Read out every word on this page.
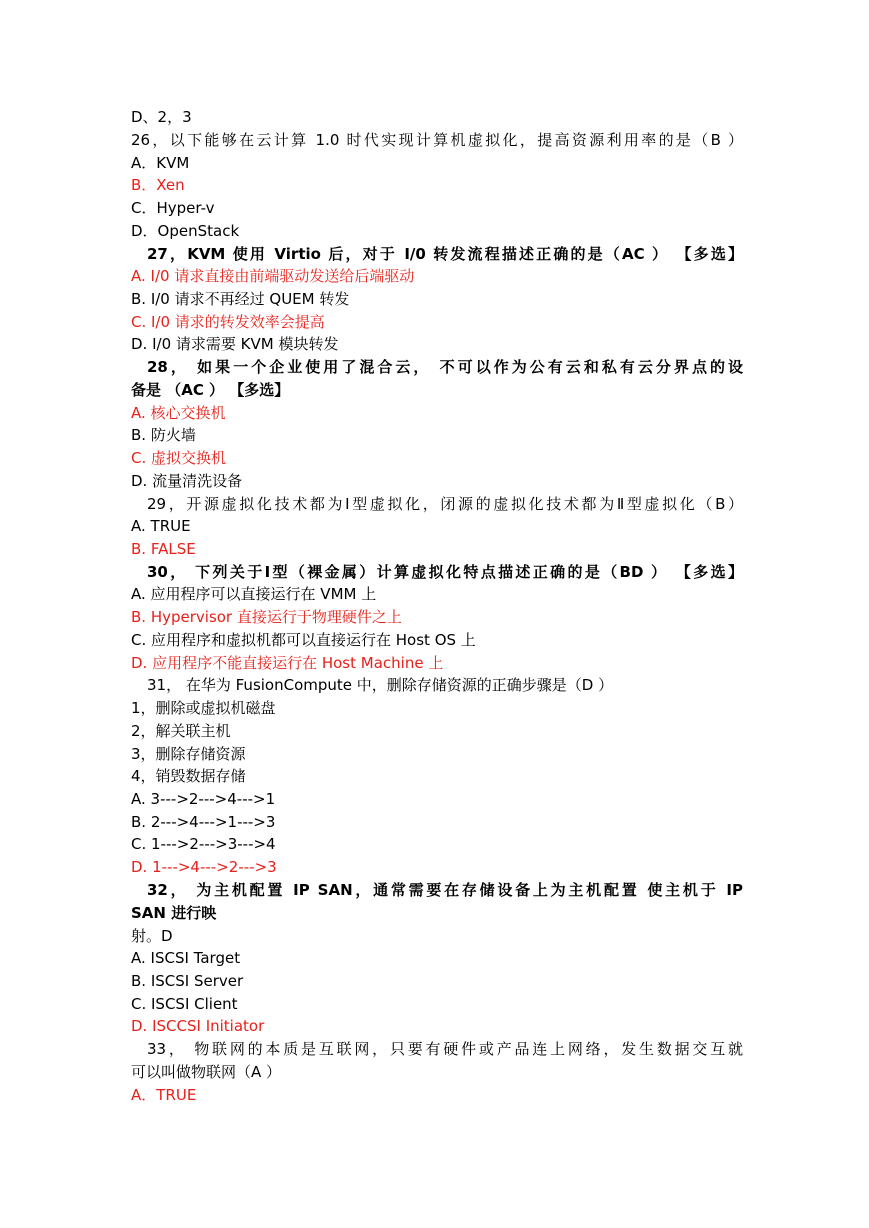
D、2，3
26，以下能够在云计算 1.0 时代实现计算机虚拟化，提高资源利用率的是（B ）
A．KVM
B．Xen
C．Hyper-v
D．OpenStack
27，KVM 使用 Virtio 后，对于 I/0 转发流程描述正确的是（AC ） 【多选】
A. I/0 请求直接由前端驱动发送给后端驱动
B. I/0 请求不再经过 QUEM 转发
C. I/0 请求的转发效率会提高
D. I/0 请求需要 KVM 模块转发
28， 如果一个企业使用了混合云， 不可以作为公有云和私有云分界点的设
备是 （AC ） 【多选】
A. 核心交换机
B. 防火墙
C. 虚拟交换机
D. 流量清洗设备
29，开源虚拟化技术都为Ⅰ型虚拟化，闭源的虚拟化技术都为Ⅱ型虚拟化（B）
A. TRUE
B. FALSE
30， 下列关于Ⅰ型（裸金属）计算虚拟化特点描述正确的是（BD ） 【多选】
A. 应用程序可以直接运行在 VMM 上
B. Hypervisor 直接运行于物理硬件之上
C. 应用程序和虚拟机都可以直接运行在 Host OS 上
D. 应用程序不能直接运行在 Host Machine 上
31， 在华为 FusionCompute 中，删除存储资源的正确步骤是（D ）
1，删除或虚拟机磁盘
2，解关联主机
3，删除存储资源
4，销毁数据存储
A. 3--->2--->4--->1
B. 2--->4--->1--->3
C. 1--->2--->3--->4
D. 1--->4--->2--->3
32， 为主机配置 IP SAN，通常需要在存储设备上为主机配置 使主机于 IP
SAN 进行映
射。D
A. ISCSI Target
B. ISCSI Server
C. ISCSI Client
D. ISCCSI Initiator
33， 物联网的本质是互联网，只要有硬件或产品连上网络，发生数据交互就
可以叫做物联网（A ）
A．TRUE
